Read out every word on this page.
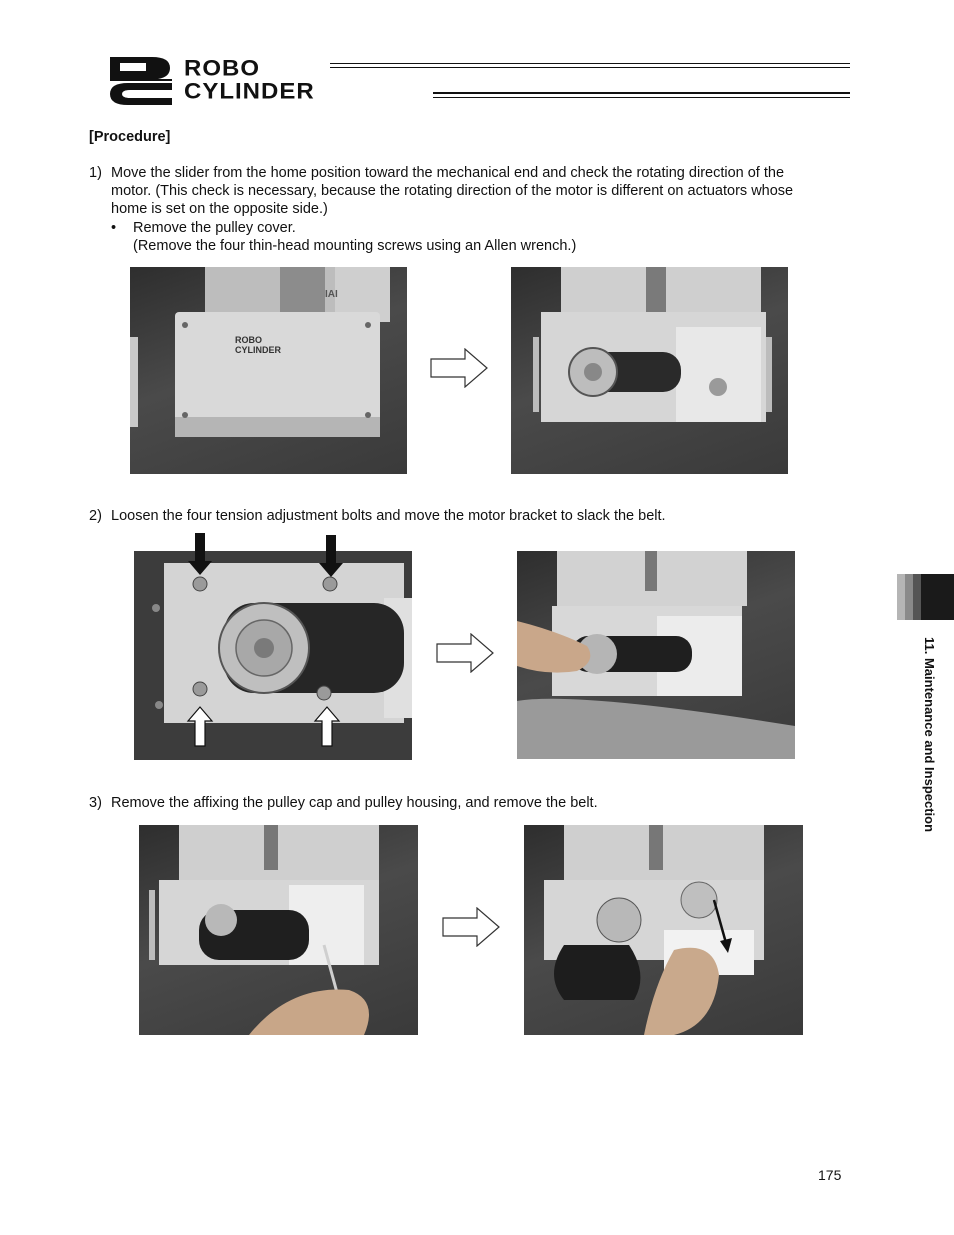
ROBO
CYLINDER
[Procedure]
1) Move the slider from the home position toward the mechanical end and check the rotating direction of the
motor. (This check is necessary, because the rotating direction of the motor is different on actuators whose
home is set on the opposite side.)
• Remove the pulley cover.
(Remove the four thin-head mounting screws using an Allen wrench.)
IAI
ROBO
CYLINDER
2) Loosen the four tension adjustment bolts and move the motor bracket to slack the belt.
3) Remove the affixing the pulley cap and pulley housing, and remove the belt.	11. Maintenance and Inspection
175
